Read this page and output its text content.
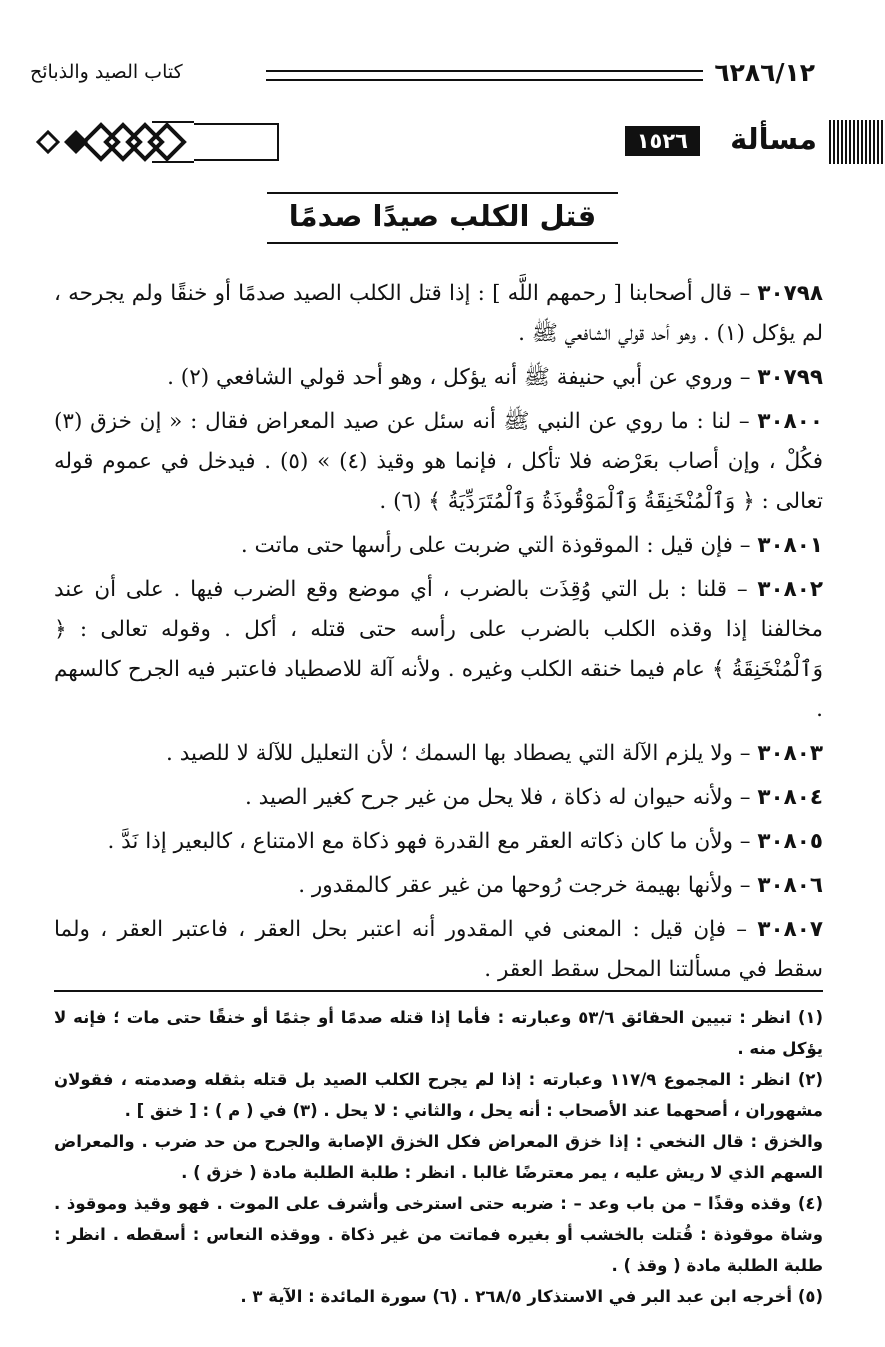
٦٢٨٦/١٢
كتاب الصيد والذبائح
مسألة
١٥٢٦
قتل الكلب صيدًا صدمًا

٣٠٧٩٨ – قال أصحابنا [ رحمهم اللَّه ] : إذا قتل الكلب الصيد صدمًا أو خنقًا ولم يجرحه ، لم يؤكل (١) . وهو أحد قولي الشافعي ﷺ .

٣٠٧٩٩ – وروي عن أبي حنيفة ﷺ أنه يؤكل ، وهو أحد قولي الشافعي (٢) .

٣٠٨٠٠ – لنا : ما روي عن النبي ﷺ أنه سئل عن صيد المعراض فقال : « إن خزق (٣) فكُلْ ، وإن أصاب بعَرْضه فلا تأكل ، فإنما هو وقيذ (٤) » (٥) . فيدخل في عموم قوله تعالى : ﴿ وَٱلْمُنْخَنِقَةُ وَٱلْمَوْقُوذَةُ وَٱلْمُتَرَدِّيَةُ ﴾ (٦) .

٣٠٨٠١ – فإن قيل : الموقوذة التي ضربت على رأسها حتى ماتت .

٣٠٨٠٢ – قلنا : بل التي وُقِذَت بالضرب ، أي موضع وقع الضرب فيها . على أن عند مخالفنا إذا وقذه الكلب بالضرب على رأسه حتى قتله ، أكل . وقوله تعالى : ﴿ وَٱلْمُنْخَنِقَةُ ﴾ عام فيما خنقه الكلب وغيره . ولأنه آلة للاصطياد فاعتبر فيه الجرح كالسهم .

٣٠٨٠٣ – ولا يلزم الآلة التي يصطاد بها السمك ؛ لأن التعليل للآلة لا للصيد .

٣٠٨٠٤ – ولأنه حيوان له ذكاة ، فلا يحل من غير جرح كغير الصيد .

٣٠٨٠٥ – ولأن ما كان ذكاته العقر مع القدرة فهو ذكاة مع الامتناع ، كالبعير إذا نَدَّ .

٣٠٨٠٦ – ولأنها بهيمة خرجت رُوحها من غير عقر كالمقدور .

٣٠٨٠٧ – فإن قيل : المعنى في المقدور أنه اعتبر بحل العقر ، فاعتبر العقر ، ولما سقط في مسألتنا المحل سقط العقر .

(١) انظر : تبيين الحقائق ٥٣/٦ وعبارته : فأما إذا قتله صدمًا أو جثمًا أو خنقًا حتى مات ؛ فإنه لا يؤكل منه .

(٢) انظر : المجموع ١١٧/٩ وعبارته : إذا لم يجرح الكلب الصيد بل قتله بثقله وصدمته ، فقولان مشهوران ، أصحهما عند الأصحاب : أنه يحل ، والثاني : لا يحل . (٣) في ( م ) : [ خنق ] .

والخزق : قال النخعي : إذا خزق المعراض فكل الخزق الإصابة والجرح من حد ضرب . والمعراض السهم الذي لا ريش عليه ، يمر معترضًا غالبا . انظر : طلبة الطلبة مادة ( خزق ) .

(٤) وقذه وقذًا – من باب وعد – : ضربه حتى استرخى وأشرف على الموت . فهو وقيذ وموقوذ . وشاة موقوذة : قُتلت بالخشب أو بغيره فماتت من غير ذكاة . ووقذه النعاس : أسقطه . انظر : طلبة الطلبة مادة ( وقذ ) .

(٥) أخرجه ابن عبد البر في الاستذكار ٢٦٨/٥ . (٦) سورة المائدة : الآية ٣ .
